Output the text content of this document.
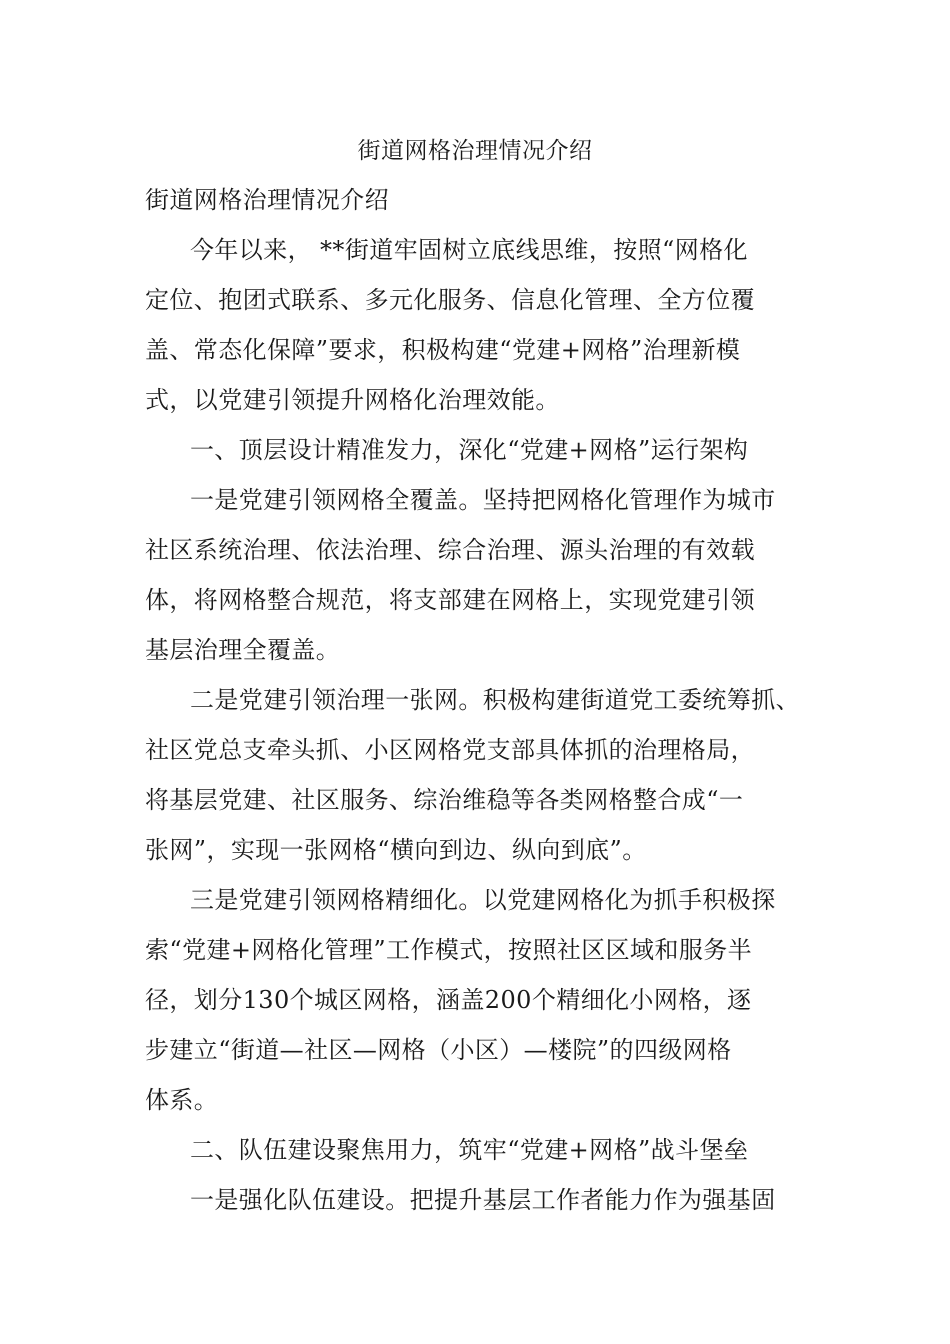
街道网格治理情况介绍
街道网格治理情况介绍
今年以来， **街道牢固树立底线思维，按照“网格化
定位、抱团式联系、多元化服务、信息化管理、全方位覆
盖、常态化保障”要求，积极构建“党建+网格”治理新模
式，以党建引领提升网格化治理效能。
一、顶层设计精准发力，深化“党建+网格”运行架构
一是党建引领网格全覆盖。坚持把网格化管理作为城市
社区系统治理、依法治理、综合治理、源头治理的有效载
体，将网格整合规范，将支部建在网格上，实现党建引领
基层治理全覆盖。
二是党建引领治理一张网。积极构建街道党工委统筹抓、
社区党总支牵头抓、小区网格党支部具体抓的治理格局，
将基层党建、社区服务、综治维稳等各类网格整合成“一
张网”，实现一张网格“横向到边、纵向到底”。
三是党建引领网格精细化。以党建网格化为抓手积极探
索“党建+网格化管理”工作模式，按照社区区域和服务半
径，划分130个城区网格，涵盖200个精细化小网格，逐
步建立“街道—社区—网格（小区）—楼院”的四级网格
体系。
二、队伍建设聚焦用力，筑牢“党建+网格”战斗堡垒
一是强化队伍建设。把提升基层工作者能力作为强基固
